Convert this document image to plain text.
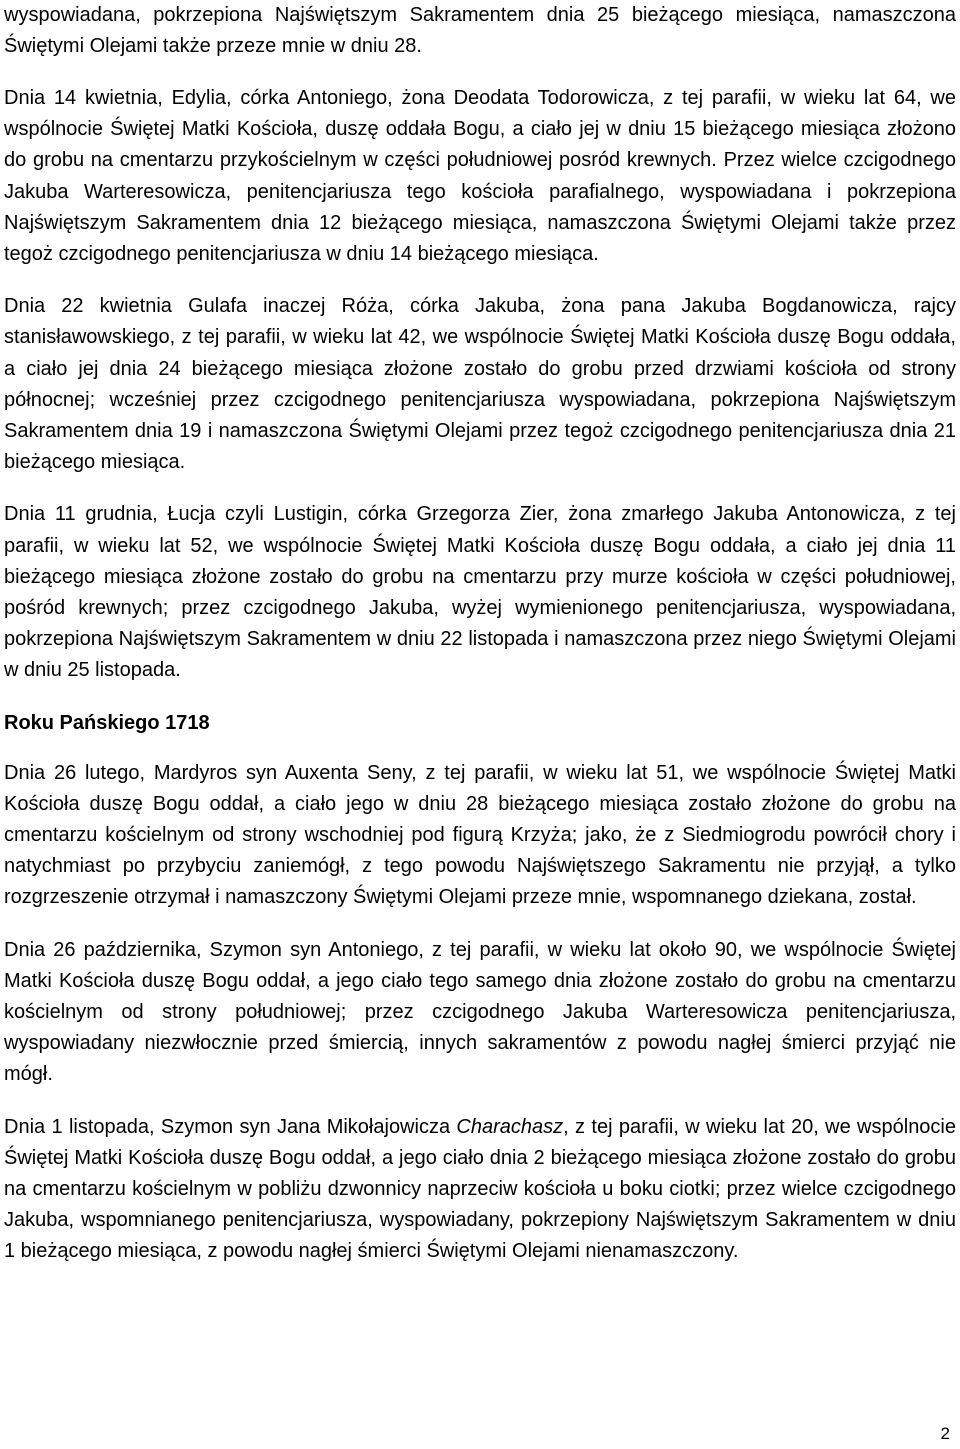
wyspowiadana, pokrzepiona Najświętszym Sakramentem dnia 25 bieżącego miesiąca, namaszczona Świętymi Olejami także przeze mnie w dniu 28.

Dnia 14 kwietnia, Edylia, córka Antoniego, żona Deodata Todorowicza, z tej parafii, w wieku lat 64, we wspólnocie Świętej Matki Kościoła, duszę oddała Bogu, a ciało jej w dniu 15 bieżącego miesiąca złożono do grobu na cmentarzu przykościelnym w części południowej posród krewnych. Przez wielce czcigodnego Jakuba Warteresowicza, penitencjariusza tego kościoła parafialnego, wyspowiadana i pokrzepiona Najświętszym Sakramentem dnia 12 bieżącego miesiąca, namaszczona Świętymi Olejami także przez tegoż czcigodnego penitencjariusza w dniu 14 bieżącego miesiąca.

Dnia 22 kwietnia Gulafa inaczej Róża, córka Jakuba, żona pana Jakuba Bogdanowicza, rajcy stanisławowskiego, z tej parafii, w wieku lat 42, we wspólnocie Świętej Matki Kościoła duszę Bogu oddała, a ciało jej dnia 24 bieżącego miesiąca złożone zostało do grobu przed drzwiami kościoła od strony północnej; wcześniej przez czcigodnego penitencjariusza wyspowiadana, pokrzepiona Najświętszym Sakramentem dnia 19 i namaszczona Świętymi Olejami przez tegoż czcigodnego penitencjariusza dnia 21 bieżącego miesiąca.

Dnia 11 grudnia, Łucja czyli Lustigin, córka Grzegorza Zier, żona zmarłego Jakuba Antonowicza, z tej parafii, w wieku lat 52, we wspólnocie Świętej Matki Kościoła duszę Bogu oddała, a ciało jej dnia 11 bieżącego miesiąca złożone zostało do grobu na cmentarzu przy murze kościoła w części południowej, pośród krewnych; przez czcigodnego Jakuba, wyżej wymienionego penitencjariusza, wyspowiadana, pokrzepiona Najświętszym Sakramentem w dniu 22 listopada i namaszczona przez niego Świętymi Olejami w dniu 25 listopada.

Roku Pańskiego 1718

Dnia 26 lutego, Mardyros syn Auxenta Seny, z tej parafii, w wieku lat 51, we wspólnocie Świętej Matki Kościoła duszę Bogu oddał, a ciało jego w dniu 28 bieżącego miesiąca zostało złożone do grobu na cmentarzu kościelnym od strony wschodniej pod figurą Krzyża; jako, że z Siedmiogrodu powrócił chory i natychmiast po przybyciu zaniemógł, z tego powodu Najświętszego Sakramentu nie przyjął, a tylko rozgrzeszenie otrzymał i namaszczony Świętymi Olejami przeze mnie, wspomnanego dziekana, został.

Dnia 26 października, Szymon syn Antoniego, z tej parafii, w wieku lat około 90, we wspólnocie Świętej Matki Kościoła duszę Bogu oddał, a jego ciało tego samego dnia złożone zostało do grobu na cmentarzu kościelnym od strony południowej; przez czcigodnego Jakuba Warteresowicza penitencjariusza, wyspowiadany niezwłocznie przed śmiercią, innych sakramentów z powodu nagłej śmierci przyjąć nie mógł.

Dnia 1 listopada, Szymon syn Jana Mikołajowicza Charachasz, z tej parafii, w wieku lat 20, we wspólnocie Świętej Matki Kościoła duszę Bogu oddał, a jego ciało dnia 2 bieżącego miesiąca złożone zostało do grobu na cmentarzu kościelnym w pobliżu dzwonnicy naprzeciw kościoła u boku ciotki; przez wielce czcigodnego Jakuba, wspomnianego penitencjariusza, wyspowiadany, pokrzepiony Najświętszym Sakramentem w dniu 1 bieżącego miesiąca, z powodu nagłej śmierci Świętymi Olejami nienamaszczony.

2
